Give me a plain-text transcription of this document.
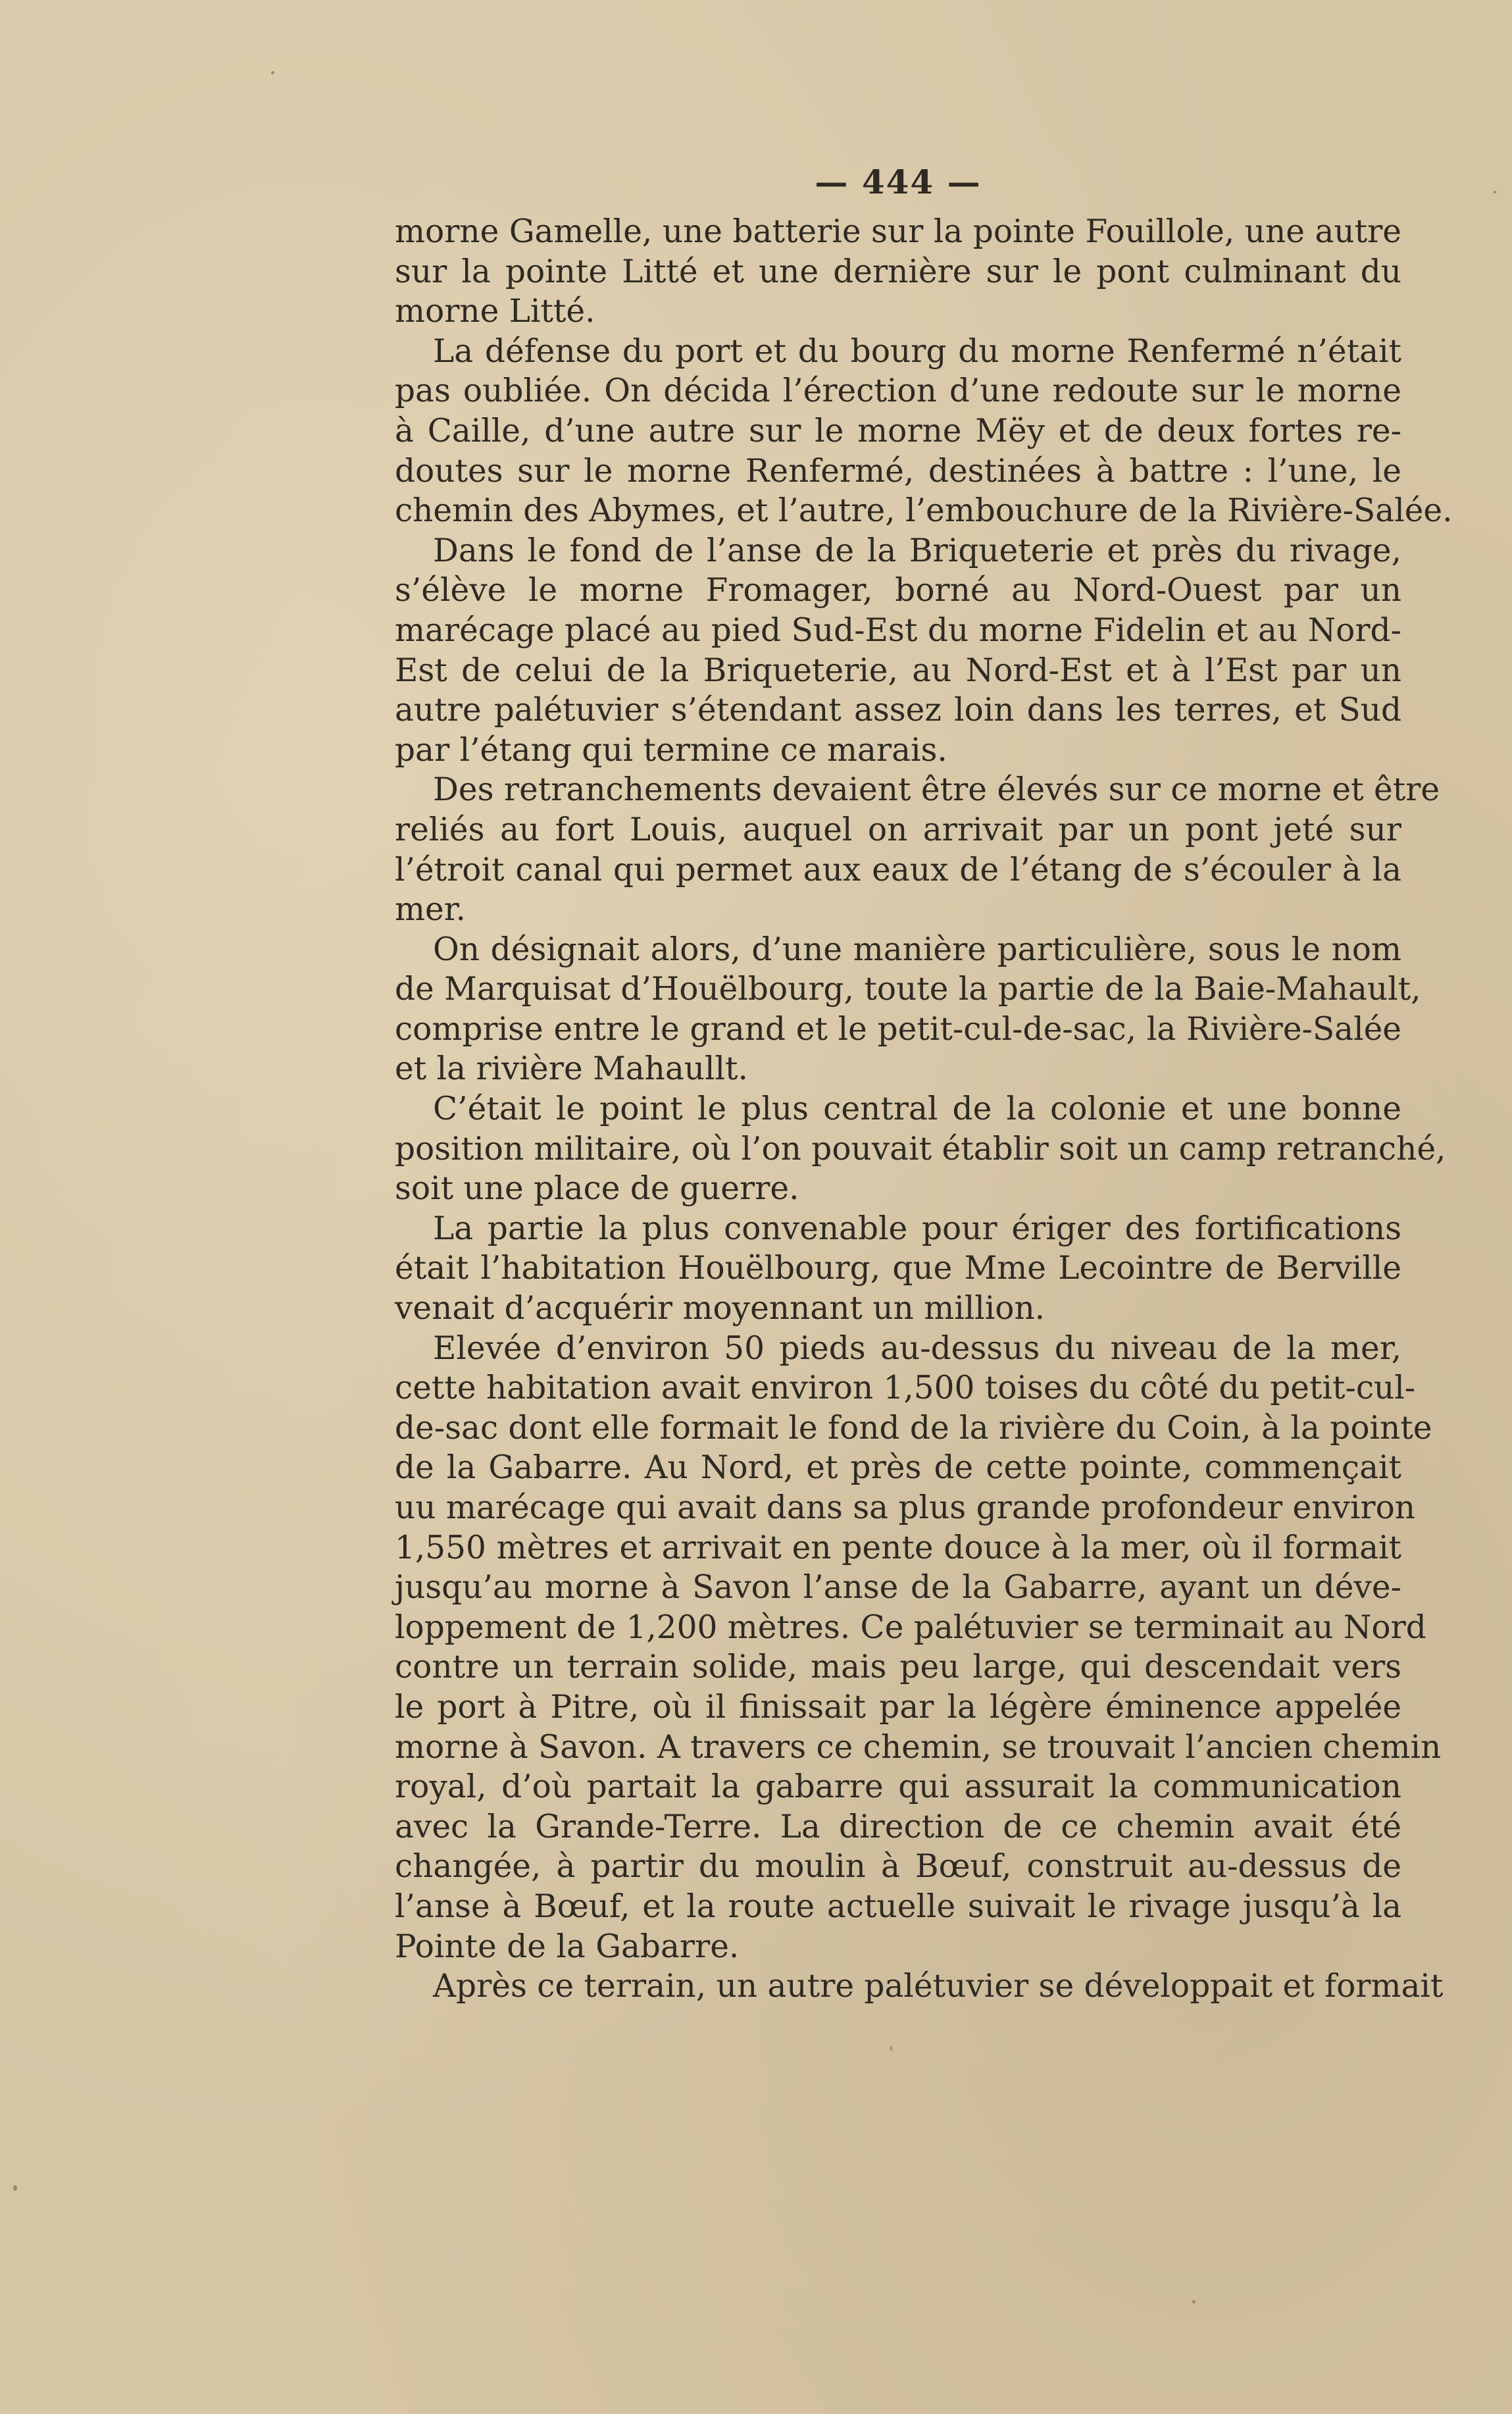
— 444 —
morne Gamelle, une batterie sur la pointe Fouillole, une autre
sur la pointe Litté et une dernière sur le pont culminant du
morne Litté.
La défense du port et du bourg du morne Renfermé n’était
pas oubliée. On décida l’érection d’une redoute sur le morne
à Caille, d’une autre sur le morne Mëy et de deux fortes re-
doutes sur le morne Renfermé, destinées à battre : l’une, le
chemin des Abymes, et l’autre, l’embouchure de la Rivière-Salée.
Dans le fond de l’anse de la Briqueterie et près du rivage,
s’élève le morne Fromager, borné au Nord-Ouest par un
marécage placé au pied Sud-Est du morne Fidelin et au Nord-
Est de celui de la Briqueterie, au Nord-Est et à l’Est par un
autre palétuvier s’étendant assez loin dans les terres, et Sud
par l’étang qui termine ce marais.
Des retranchements devaient être élevés sur ce morne et être
reliés au fort Louis, auquel on arrivait par un pont jeté sur
l’étroit canal qui permet aux eaux de l’étang de s’écouler à la
mer.
On désignait alors, d’une manière particulière, sous le nom
de Marquisat d’Houëlbourg, toute la partie de la Baie-Mahault,
comprise entre le grand et le petit-cul-de-sac, la Rivière-Salée
et la rivière Mahaullt.
C’était le point le plus central de la colonie et une bonne
position militaire, où l’on pouvait établir soit un camp retranché,
soit une place de guerre.
La partie la plus convenable pour ériger des fortifications
était l’habitation Houëlbourg, que Mme Lecointre de Berville
venait d’acquérir moyennant un million.
Elevée d’environ 50 pieds au-dessus du niveau de la mer,
cette habitation avait environ 1,500 toises du côté du petit-cul-
de-sac dont elle formait le fond de la rivière du Coin, à la pointe
de la Gabarre. Au Nord, et près de cette pointe, commençait
uu marécage qui avait dans sa plus grande profondeur environ
1,550 mètres et arrivait en pente douce à la mer, où il formait
jusqu’au morne à Savon l’anse de la Gabarre, ayant un déve-
loppement de 1,200 mètres. Ce palétuvier se terminait au Nord
contre un terrain solide, mais peu large, qui descendait vers
le port à Pitre, où il finissait par la légère éminence appelée
morne à Savon. A travers ce chemin, se trouvait l’ancien chemin
royal, d’où partait la gabarre qui assurait la communication
avec la Grande-Terre. La direction de ce chemin avait été
changée, à partir du moulin à Bœuf, construit au-dessus de
l’anse à Bœuf, et la route actuelle suivait le rivage jusqu’à la
Pointe de la Gabarre.
Après ce terrain, un autre palétuvier se développait et formait
